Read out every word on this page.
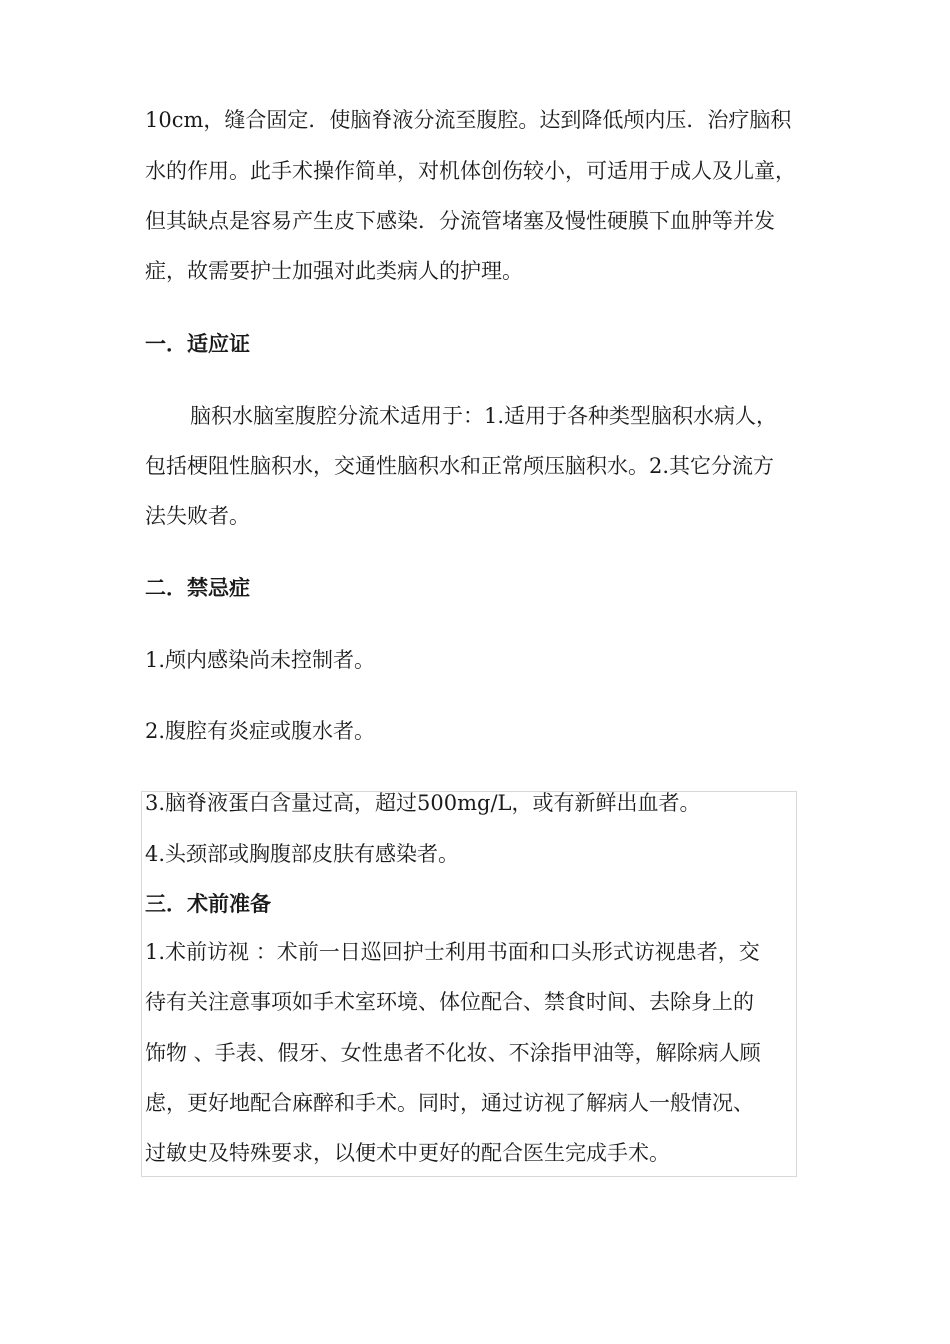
10cm，缝合固定．使脑脊液分流至腹腔。达到降低颅内压．治疗脑积
水的作用。此手术操作简单，对机体创伤较小，可适用于成人及儿童，
但其缺点是容易产生皮下感染．分流管堵塞及慢性硬膜下血肿等并发
症，故需要护士加强对此类病人的护理。
一．适应证
脑积水脑室腹腔分流术适用于：1.适用于各种类型脑积水病人，
包括梗阻性脑积水，交通性脑积水和正常颅压脑积水。2.其它分流方
法失败者。
二．禁忌症
1.颅内感染尚未控制者。
2.腹腔有炎症或腹水者。
3.脑脊液蛋白含量过高，超过500mg/L，或有新鲜出血者。
4.头颈部或胸腹部皮肤有感染者。
三．术前准备
1.术前访视 ：术前一日巡回护士利用书面和口头形式访视患者，交
待有关注意事项如手术室环境、体位配合、禁食时间、去除身上的
饰物 、手表、假牙、女性患者不化妆、不涂指甲油等，解除病人顾
虑，更好地配合麻醉和手术。同时，通过访视了解病人一般情况、
过敏史及特殊要求，以便术中更好的配合医生完成手术。
